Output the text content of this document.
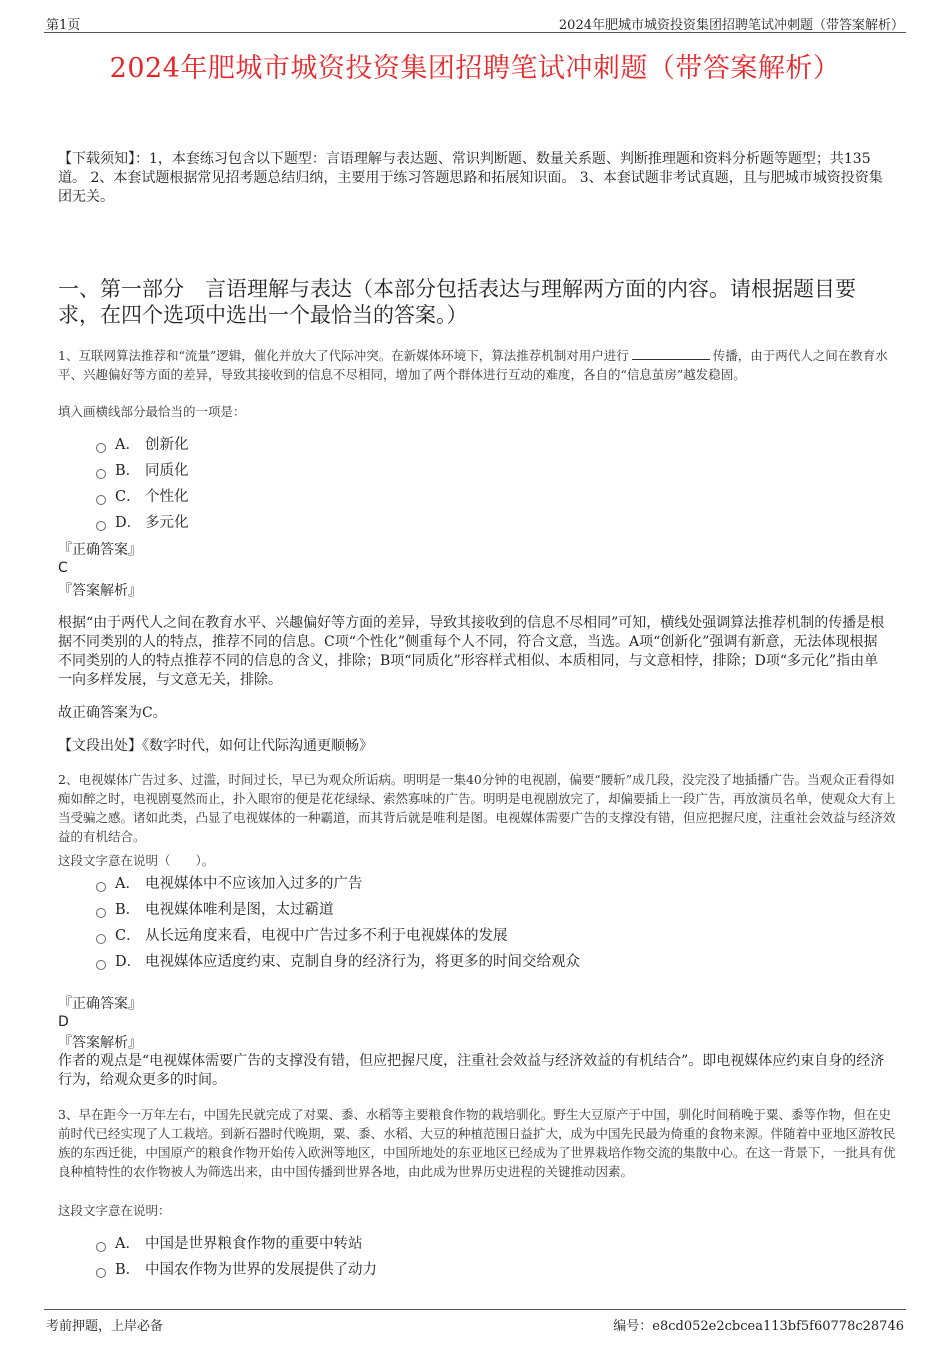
第1页	2024年肥城市城资投资集团招聘笔试冲刺题（带答案解析）
2024年肥城市城资投资集团招聘笔试冲刺题（带答案解析）
【下载须知】：1，本套练习包含以下题型：言语理解与表达题、常识判断题、数量关系题、判断推理题和资料分析题等题型；共135道。 2、本套试题根据常见招考题总结归纳，主要用于练习答题思路和拓展知识面。 3、本套试题非考试真题，且与肥城市城资投资集团无关。
一、第一部分　言语理解与表达（本部分包括表达与理解两方面的内容。请根据题目要求，在四个选项中选出一个最恰当的答案。）
1、互联网算法推荐和“流量”逻辑，催化并放大了代际冲突。在新媒体环境下，算法推荐机制对用户进行	传播，由于两代人之间在教育水平、兴趣偏好等方面的差异，导致其接收到的信息不尽相同，增加了两个群体进行互动的难度，各自的“信息茧房”越发稳固。
填入画横线部分最恰当的一项是：
A． 创新化
B． 同质化
C． 个性化
D． 多元化
『正确答案』
C
『答案解析』
根据“由于两代人之间在教育水平、兴趣偏好等方面的差异，导致其接收到的信息不尽相同”可知，横线处强调算法推荐机制的传播是根据不同类别的人的特点，推荐不同的信息。C项“个性化”侧重每个人不同，符合文意，当选。A项“创新化”强调有新意，无法体现根据不同类别的人的特点推荐不同的信息的含义，排除；B项“同质化”形容样式相似、本质相同，与文意相悖，排除；D项“多元化”指由单一向多样发展，与文意无关，排除。
故正确答案为C。
【文段出处】《数字时代，如何让代际沟通更顺畅》
2、电视媒体广告过多、过滥，时间过长，早已为观众所诟病。明明是一集40分钟的电视剧，偏要“腰斩”成几段，没完没了地插播广告。当观众正看得如痴如醉之时，电视剧戛然而止，扑入眼帘的便是花花绿绿、索然寡味的广告。明明是电视剧放完了，却偏要插上一段广告，再放演员名单，使观众大有上当受骗之感。诸如此类，凸显了电视媒体的一种霸道，而其背后就是唯利是图。电视媒体需要广告的支撑没有错，但应把握尺度，注重社会效益与经济效益的有机结合。
这段文字意在说明（　　）。
A． 电视媒体中不应该加入过多的广告
B． 电视媒体唯利是图，太过霸道
C． 从长远角度来看，电视中广告过多不利于电视媒体的发展
D． 电视媒体应适度约束、克制自身的经济行为，将更多的时间交给观众
『正确答案』
D
『答案解析』
作者的观点是“电视媒体需要广告的支撑没有错，但应把握尺度，注重社会效益与经济效益的有机结合”。即电视媒体应约束自身的经济行为，给观众更多的时间。
3、早在距今一万年左右，中国先民就完成了对粟、黍、水稻等主要粮食作物的栽培驯化。野生大豆原产于中国，驯化时间稍晚于粟、黍等作物，但在史前时代已经实现了人工栽培。到新石器时代晚期，粟、黍、水稻、大豆的种植范围日益扩大，成为中国先民最为倚重的食物来源。伴随着中亚地区游牧民族的东西迁徙，中国原产的粮食作物开始传入欧洲等地区，中国所地处的东亚地区已经成为了世界栽培作物交流的集散中心。在这一背景下，一批具有优良种植特性的农作物被人为筛选出来，由中国传播到世界各地，由此成为世界历史进程的关键推动因素。
这段文字意在说明：
A． 中国是世界粮食作物的重要中转站
B． 中国农作物为世界的发展提供了动力
考前押题，上岸必备	编号：e8cd052e2cbcea113bf5f60778c28746
